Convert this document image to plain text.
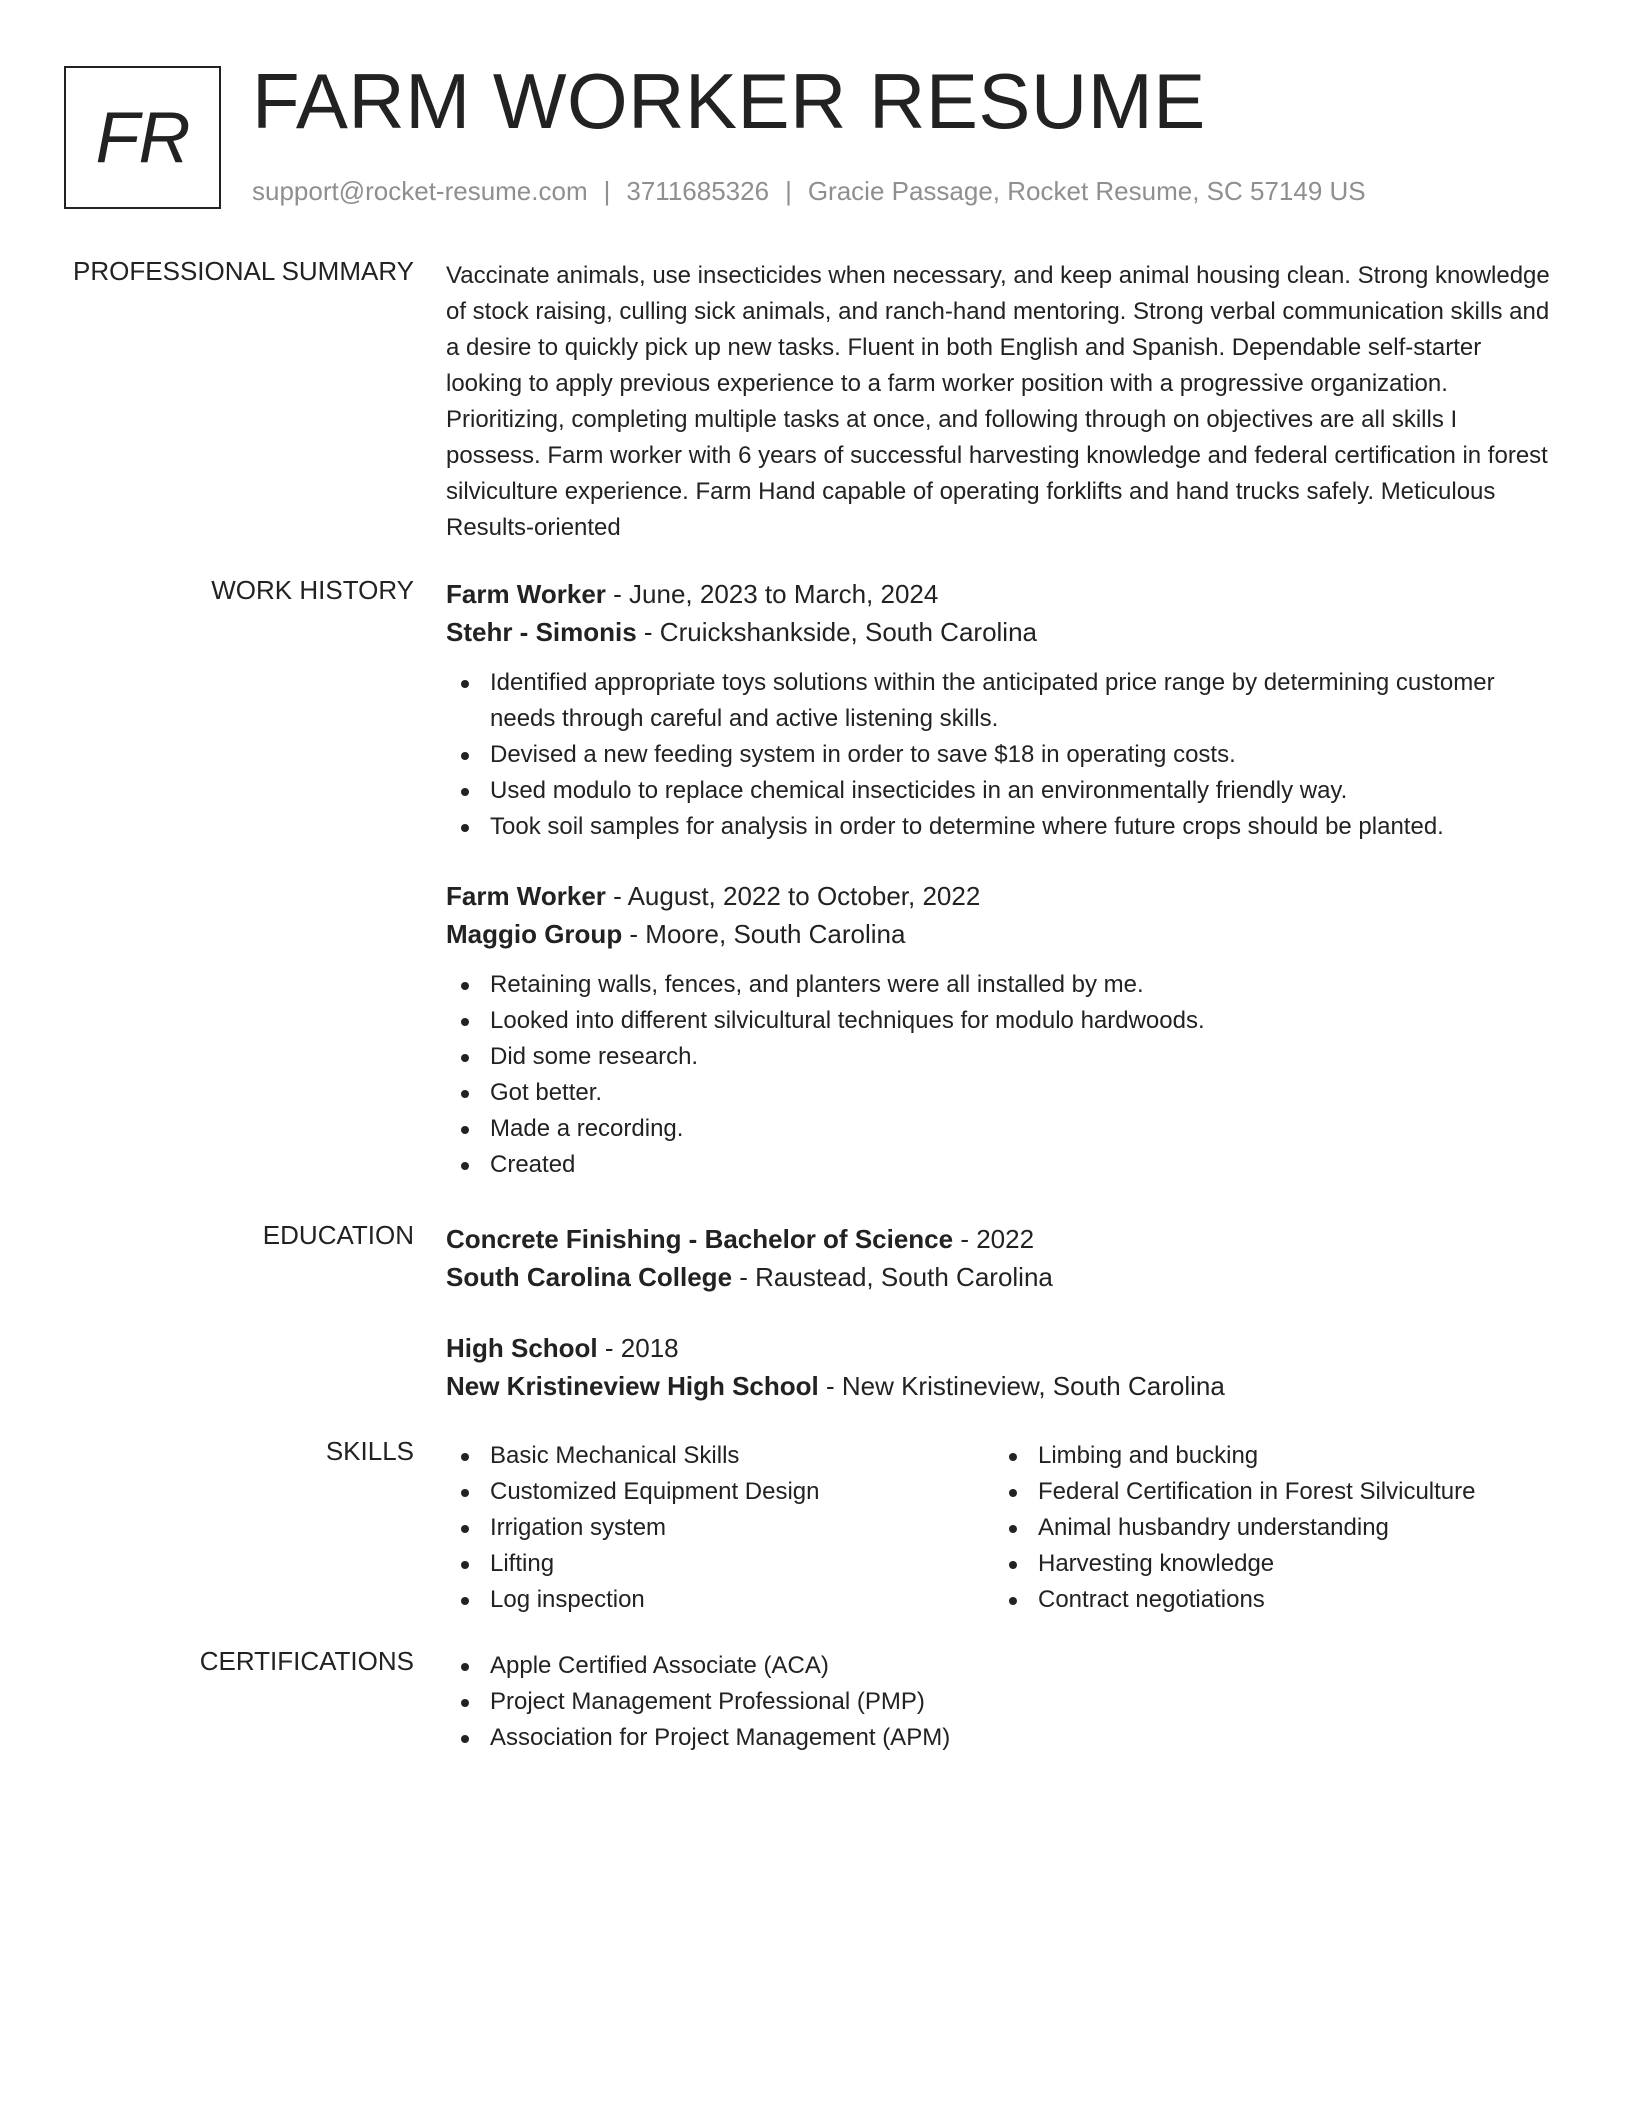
FR FARM WORKER RESUME
support@rocket-resume.com | 3711685326 | Gracie Passage, Rocket Resume, SC 57149 US
PROFESSIONAL SUMMARY Vaccinate animals, use insecticides when necessary, and keep animal housing clean. Strong knowledge of stock raising, culling sick animals, and ranch-hand mentoring. Strong verbal communication skills and a desire to quickly pick up new tasks. Fluent in both English and Spanish. Dependable self-starter looking to apply previous experience to a farm worker position with a progressive organization. Prioritizing, completing multiple tasks at once, and following through on objectives are all skills I possess. Farm worker with 6 years of successful harvesting knowledge and federal certification in forest silviculture experience. Farm Hand capable of operating forklifts and hand trucks safely. Meticulous Results-oriented
WORK HISTORY Farm Worker - June, 2023 to March, 2024
Stehr - Simonis - Cruickshankside, South Carolina
Identified appropriate toys solutions within the anticipated price range by determining customer needs through careful and active listening skills.
Devised a new feeding system in order to save $18 in operating costs.
Used modulo to replace chemical insecticides in an environmentally friendly way.
Took soil samples for analysis in order to determine where future crops should be planted.
Farm Worker - August, 2022 to October, 2022
Maggio Group - Moore, South Carolina
Retaining walls, fences, and planters were all installed by me.
Looked into different silvicultural techniques for modulo hardwoods.
Did some research.
Got better.
Made a recording.
Created
EDUCATION Concrete Finishing - Bachelor of Science - 2022
South Carolina College - Raustead, South Carolina
High School - 2018
New Kristineview High School - New Kristineview, South Carolina
SKILLS	Basic Mechanical Skills
Customized Equipment Design
Irrigation system
Lifting
Log inspection
Limbing and bucking
Federal Certification in Forest Silviculture
Animal husbandry understanding
Harvesting knowledge
Contract negotiations
CERTIFICATIONS	Apple Certified Associate (ACA)
Project Management Professional (PMP)
Association for Project Management (APM)
